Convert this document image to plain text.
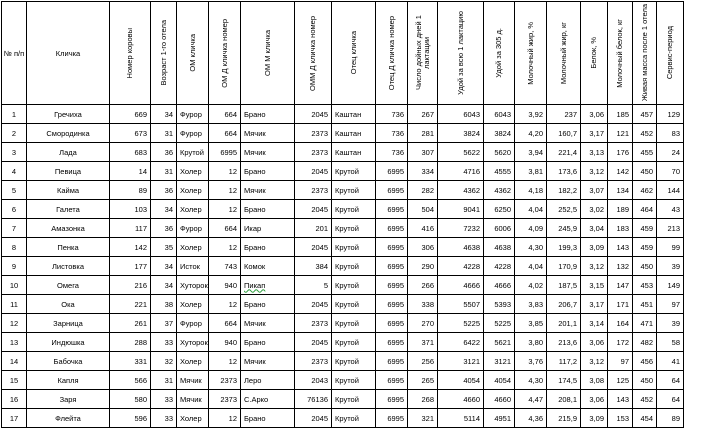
№ п/п	Кличка	Номер коровы	Возраст 1-го отела	ОМ кличка	ОМ Д кличка номер	ОМ М кличка	ОММ Д кличка номер	Отец кличка	Отец Д кличка номер	Число дойных дней 1 лактации	Удой за всю 1 лактацию	Удой за 305 д.	Молочный жир, %	Молочный жир, кг	Белок, %	Молочный белок, кг	Живая масса после 1 отела	Сервис-период

1	Гречиха	669	34	Фурор	664	Брано	2045	Каштан	736	267	6043	6043	3,92	237	3,06	185	457	129
2	Смородинка	673	31	Фурор	664	Мячик	2373	Каштан	736	281	3824	3824	4,20	160,7	3,17	121	452	83
3	Лада	683	36	Крутой	6995	Мячик	2373	Каштан	736	307	5622	5620	3,94	221,4	3,13	176	455	24
4	Певица	14	31	Холер	12	Брано	2045	Крутой	6995	334	4716	4555	3,81	173,6	3,12	142	450	70
5	Кайма	89	36	Холер	12	Мячик	2373	Крутой	6995	282	4362	4362	4,18	182,2	3,07	134	462	144
6	Галета	103	34	Холер	12	Брано	2045	Крутой	6995	504	9041	6250	4,04	252,5	3,02	189	464	43
7	Амазонка	117	36	Фурор	664	Икар	201	Крутой	6995	416	7232	6006	4,09	245,9	3,04	183	459	213
8	Пенка	142	35	Холер	12	Брано	2045	Крутой	6995	306	4638	4638	4,30	199,3	3,09	143	459	99
9	Листовка	177	34	Исток	743	Комок	384	Крутой	6995	290	4228	4228	4,04	170,9	3,12	132	450	39
10	Омега	216	34	Хуторок	940	Пикап	5	Крутой	6995	266	4666	4666	4,02	187,5	3,15	147	453	149
11	Ока	221	38	Холер	12	Брано	2045	Крутой	6995	338	5507	5393	3,83	206,7	3,17	171	451	97
12	Зарница	261	37	Фурор	664	Мячик	2373	Крутой	6995	270	5225	5225	3,85	201,1	3,14	164	471	39
13	Индюшка	288	33	Хуторок	940	Брано	2045	Крутой	6995	371	6422	5621	3,80	213,6	3,06	172	482	58
14	Бабочка	331	32	Холер	12	Мячик	2373	Крутой	6995	256	3121	3121	3,76	117,2	3,12	97	456	41
15	Капля	566	31	Мячик	2373	Леро	2043	Крутой	6995	265	4054	4054	4,30	174,5	3,08	125	450	64
16	Заря	580	33	Мячик	2373	С.Арко	76136	Крутой	6995	268	4660	4660	4,47	208,1	3,06	143	452	64
17	Флейта	596	33	Холер	12	Брано	2045	Крутой	6995	321	5114	4951	4,36	215,9	3,09	153	454	89
